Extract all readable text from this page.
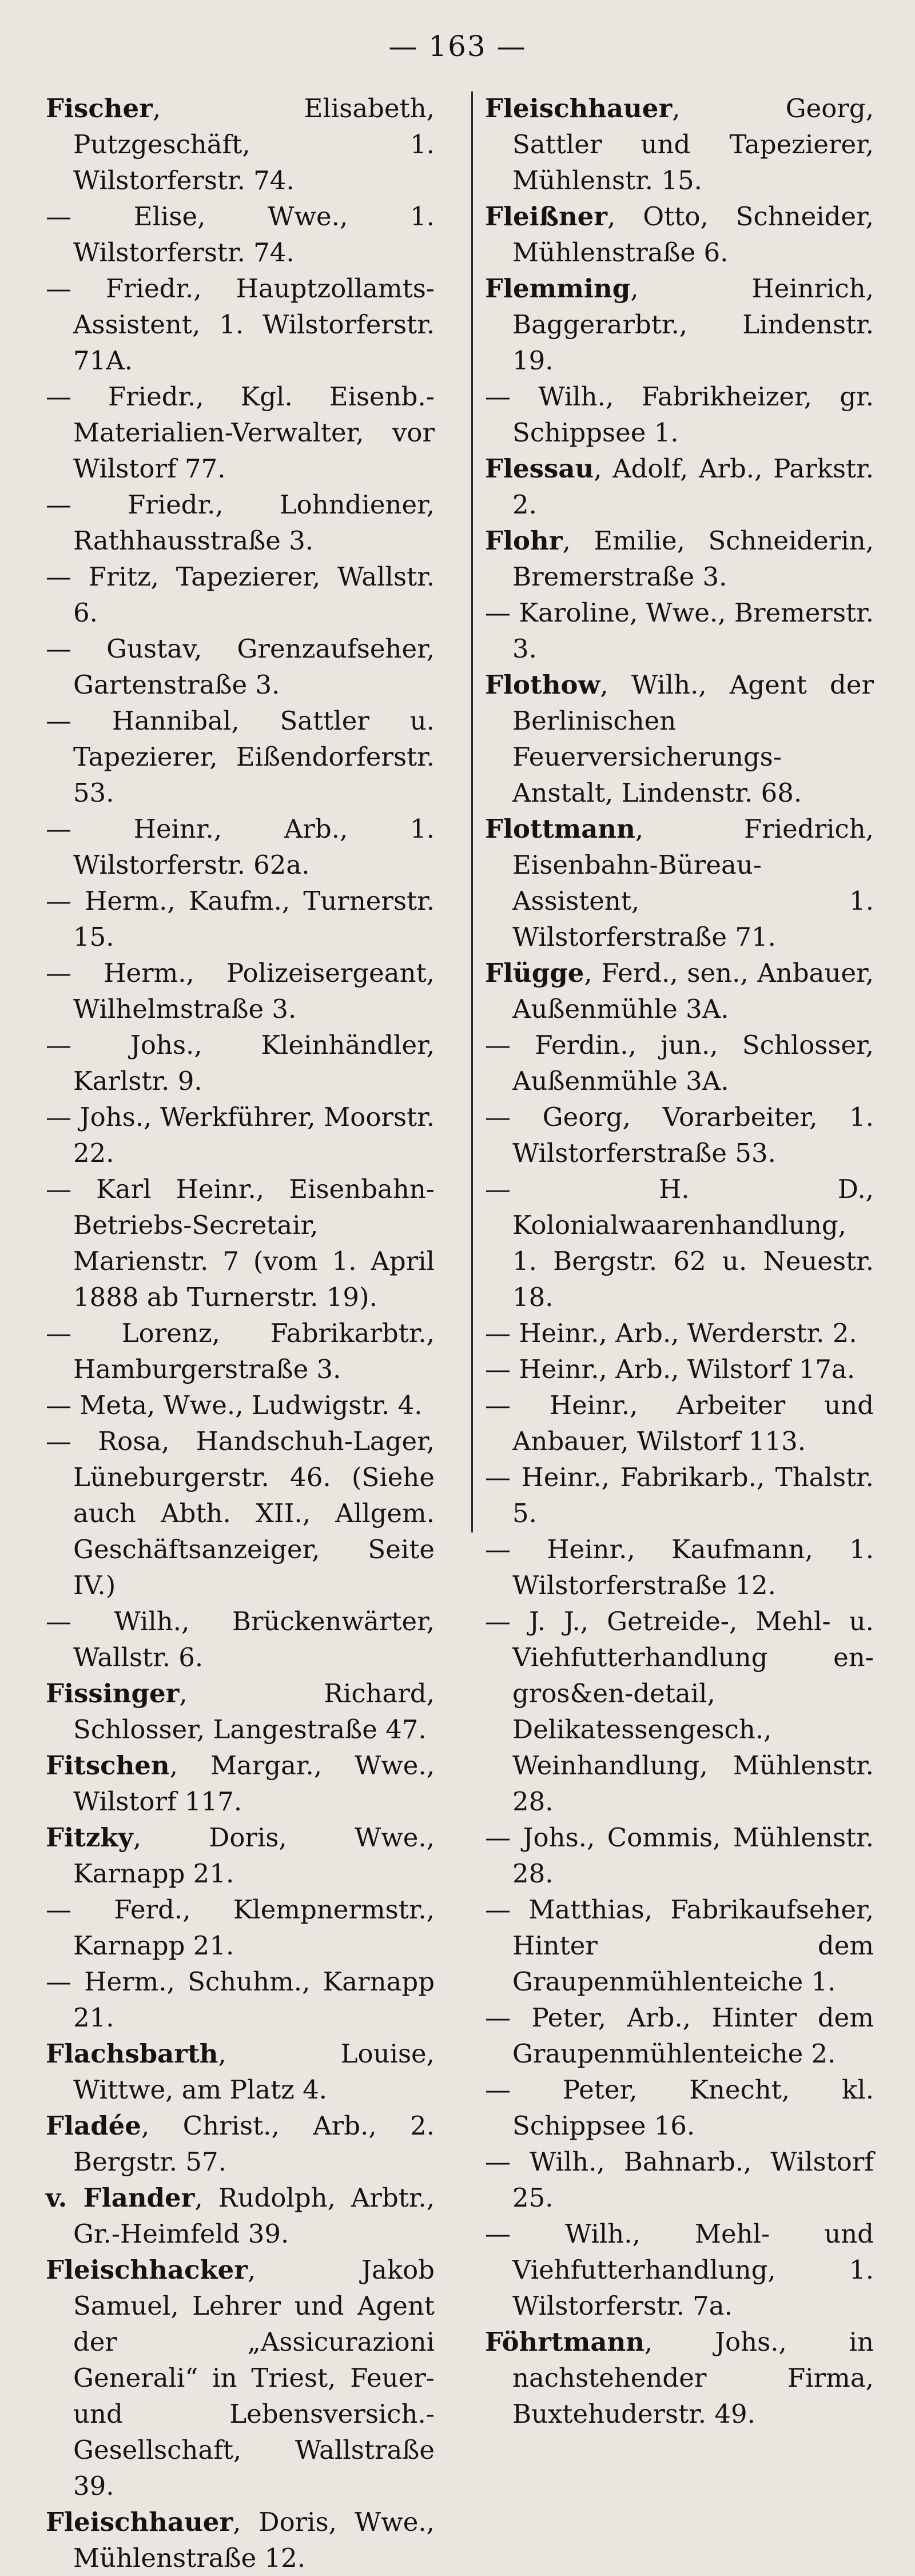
— 163 —

Fischer, Elisabeth, Putzgeschäft, 1. Wilstorferstr. 74.

— Elise, Wwe., 1. Wilstorferstr. 74.

— Friedr., Hauptzollamts-Assistent, 1. Wilstorferstr. 71A.

— Friedr., Kgl. Eisenb.-Materialien-Verwalter, vor Wilstorf 77.

— Friedr., Lohndiener, Rathhausstraße 3.

— Fritz, Tapezierer, Wallstr. 6.

— Gustav, Grenzaufseher, Gartenstraße 3.

— Hannibal, Sattler u. Tapezierer, Eißendorferstr. 53.

— Heinr., Arb., 1. Wilstorferstr. 62a.

— Herm., Kaufm., Turnerstr. 15.

— Herm., Polizeisergeant, Wilhelmstraße 3.

— Johs., Kleinhändler, Karlstr. 9.

— Johs., Werkführer, Moorstr. 22.

— Karl Heinr., Eisenbahn-Betriebs-Secretair, Marienstr. 7 (vom 1. April 1888 ab Turnerstr. 19).

— Lorenz, Fabrikarbtr., Hamburgerstraße 3.

— Meta, Wwe., Ludwigstr. 4.

— Rosa, Handschuh-Lager, Lüneburgerstr. 46. (Siehe auch Abth. XII., Allgem. Geschäftsanzeiger, Seite IV.)

— Wilh., Brückenwärter, Wallstr. 6.

Fissinger, Richard, Schlosser, Langestraße 47.

Fitschen, Margar., Wwe., Wilstorf 117.

Fitzky, Doris, Wwe., Karnapp 21.

— Ferd., Klempnermstr., Karnapp 21.

— Herm., Schuhm., Karnapp 21.

Flachsbarth, Louise, Wittwe, am Platz 4.

Fladée, Christ., Arb., 2. Bergstr. 57.

v. Flander, Rudolph, Arbtr., Gr.-Heimfeld 39.

Fleischhacker, Jakob Samuel, Lehrer und Agent der „Assicurazioni Generali“ in Triest, Feuer- und Lebensversich.-Gesellschaft, Wallstraße 39.

Fleischhauer, Doris, Wwe., Mühlenstraße 12.

Fleischhauer, Georg, Sattler und Tapezierer, Mühlenstr. 15.

Fleißner, Otto, Schneider, Mühlenstraße 6.

Flemming, Heinrich, Baggerarbtr., Lindenstr. 19.

— Wilh., Fabrikheizer, gr. Schippsee 1.

Flessau, Adolf, Arb., Parkstr. 2.

Flohr, Emilie, Schneiderin, Bremerstraße 3.

— Karoline, Wwe., Bremerstr. 3.

Flothow, Wilh., Agent der Berlinischen Feuerversicherungs-Anstalt, Lindenstr. 68.

Flottmann, Friedrich, Eisenbahn-Büreau-Assistent, 1. Wilstorferstraße 71.

Flügge, Ferd., sen., Anbauer, Außenmühle 3A.

— Ferdin., jun., Schlosser, Außenmühle 3A.

— Georg, Vorarbeiter, 1. Wilstorferstraße 53.

— H. D., Kolonialwaarenhandlung, 1. Bergstr. 62 u. Neuestr. 18.

— Heinr., Arb., Werderstr. 2.

— Heinr., Arb., Wilstorf 17a.

— Heinr., Arbeiter und Anbauer, Wilstorf 113.

— Heinr., Fabrikarb., Thalstr. 5.

— Heinr., Kaufmann, 1. Wilstorferstraße 12.

— J. J., Getreide-, Mehl- u. Viehfutterhandlung en-gros&en-detail, Delikatessengesch., Weinhandlung, Mühlenstr. 28.

— Johs., Commis, Mühlenstr. 28.

— Matthias, Fabrikaufseher, Hinter dem Graupenmühlenteiche 1.

— Peter, Arb., Hinter dem Graupenmühlenteiche 2.

— Peter, Knecht, kl. Schippsee 16.

— Wilh., Bahnarb., Wilstorf 25.

— Wilh., Mehl- und Viehfutterhandlung, 1. Wilstorferstr. 7a.

Föhrtmann, Johs., in nachstehender Firma, Buxtehuderstr. 49.
